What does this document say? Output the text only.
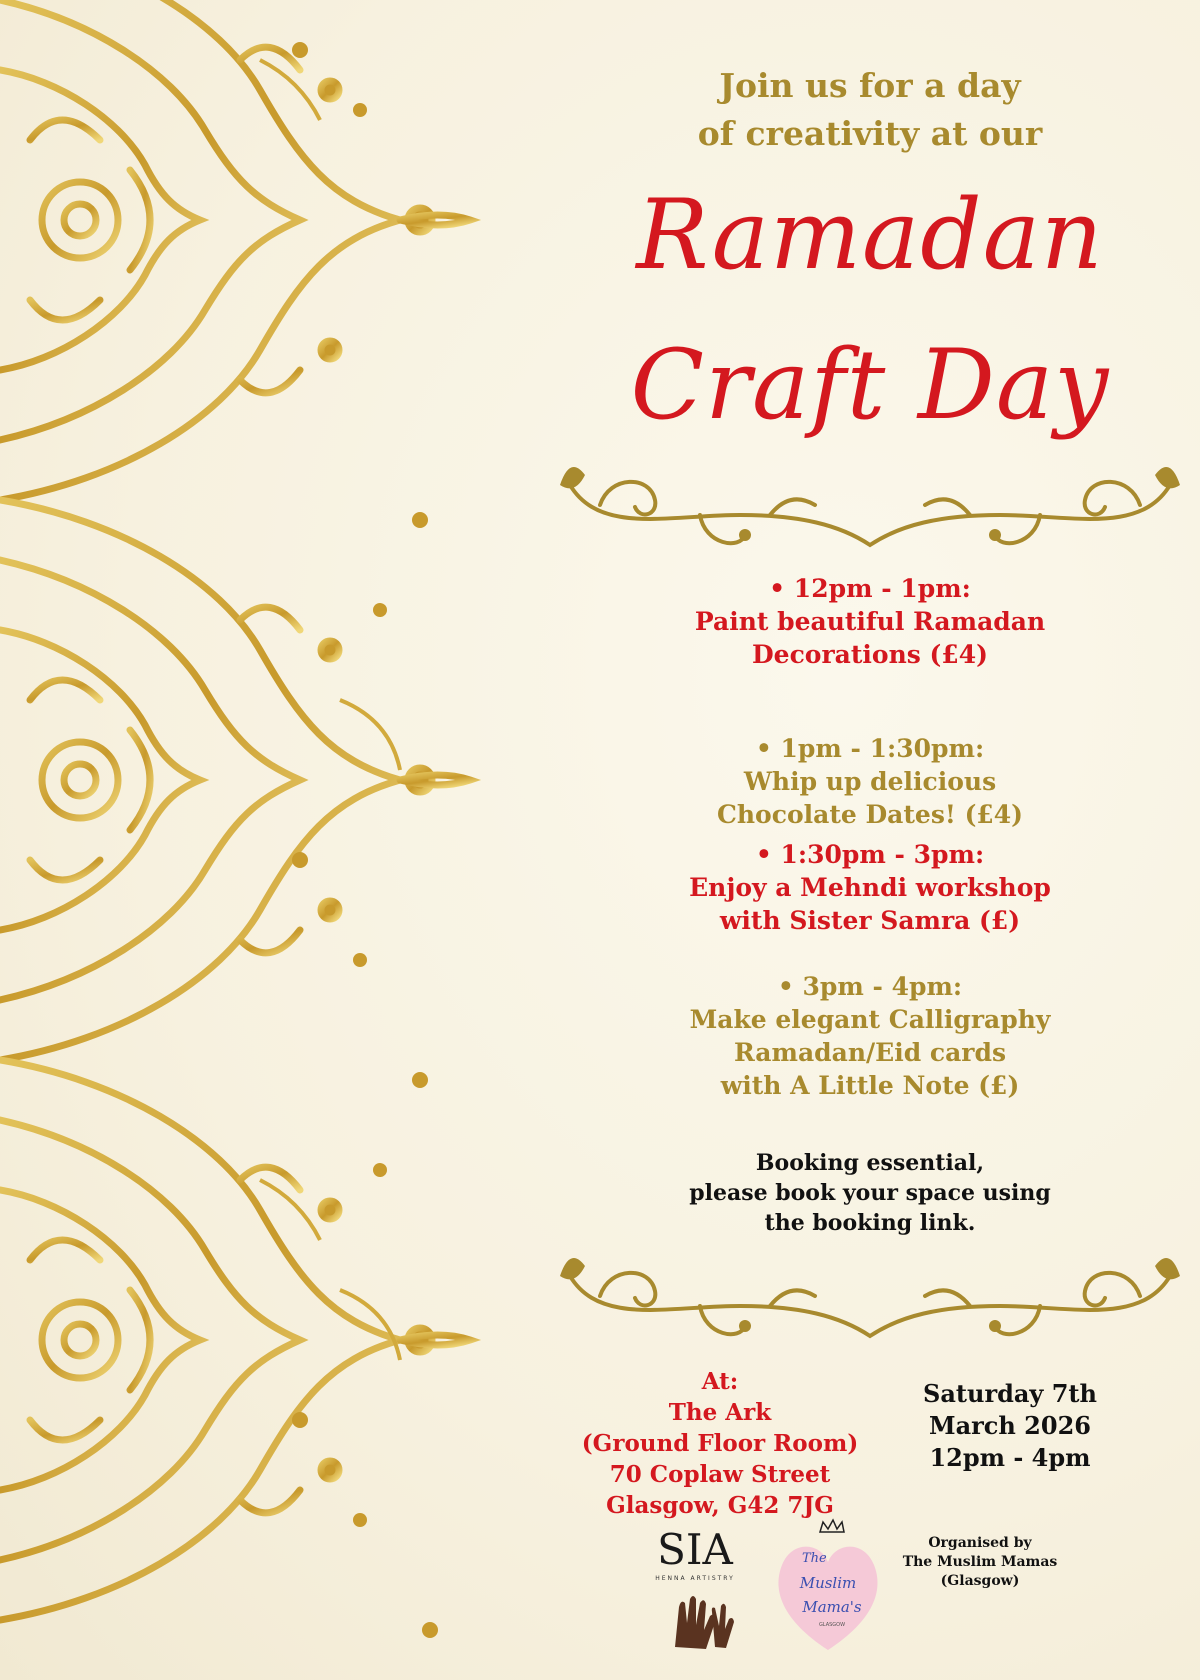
Join us for a day
of creativity at our

Ramadan

Craft Day

• 12pm - 1pm:
Paint beautiful Ramadan
Decorations (£4)

• 1pm - 1:30pm:
Whip up delicious
Chocolate Dates! (£4)

• 1:30pm - 3pm:
Enjoy a Mehndi workshop
with Sister Samra (£)

• 3pm - 4pm:
Make elegant Calligraphy
Ramadan/Eid cards
with A Little Note (£)

Booking essential,
please book your space using
the booking link.

At:
The Ark
(Ground Floor Room)
70 Coplaw Street
Glasgow, G42 7JG

Saturday 7th
March 2026
12pm - 4pm

SIA
HENNA ARTISTRY
The
Muslim
Mama's
GLASGOW

Organised by
The Muslim Mamas
(Glasgow)
